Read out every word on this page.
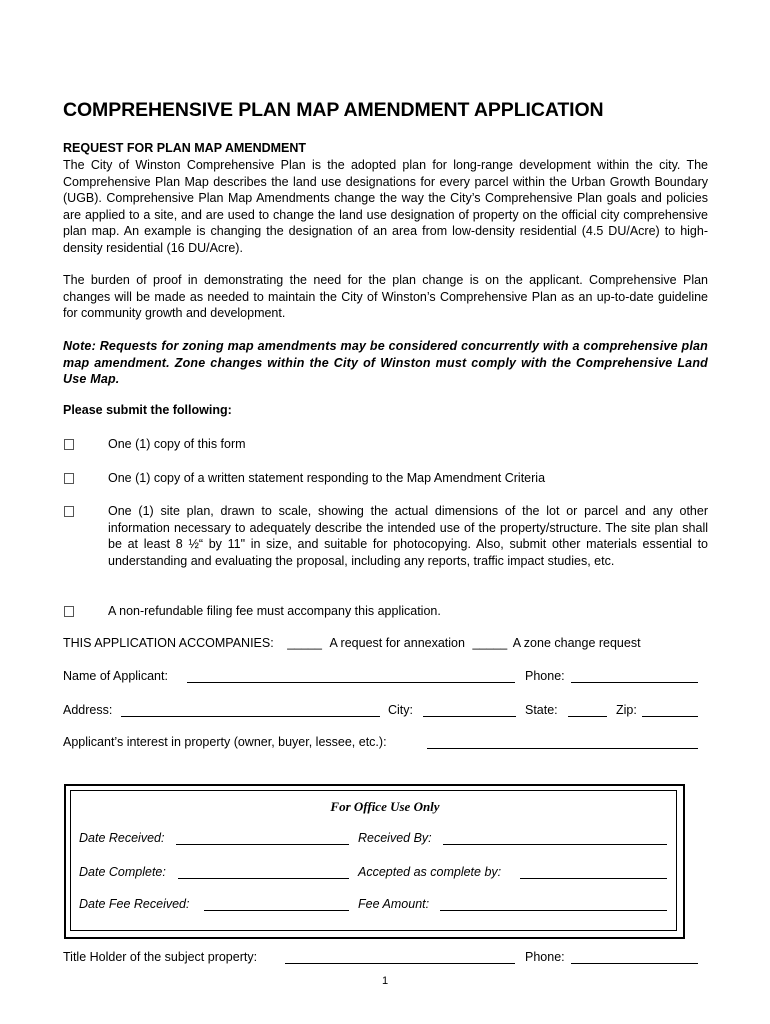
COMPREHENSIVE PLAN MAP AMENDMENT APPLICATION
REQUEST FOR PLAN MAP AMENDMENT
The City of Winston Comprehensive Plan is the adopted plan for long-range development within the city. The Comprehensive Plan Map describes the land use designations for every parcel within the Urban Growth Boundary (UGB). Comprehensive Plan Map Amendments change the way the City’s Comprehensive Plan goals and policies are applied to a site, and are used to change the land use designation of property on the official city comprehensive plan map. An example is changing the designation of an area from low-density residential (4.5 DU/Acre) to high-density residential (16 DU/Acre).
The burden of proof in demonstrating the need for the plan change is on the applicant. Comprehensive Plan changes will be made as needed to maintain the City of Winston’s Comprehensive Plan as an up-to-date guideline for community growth and development.
Note: Requests for zoning map amendments may be considered concurrently with a comprehensive plan map amendment. Zone changes within the City of Winston must comply with the Comprehensive Land Use Map.
Please submit the following:
One (1) copy of this form
One (1) copy of a written statement responding to the Map Amendment Criteria
One (1) site plan, drawn to scale, showing the actual dimensions of the lot or parcel and any other information necessary to adequately describe the intended use of the property/structure. The site plan shall be at least 8 ½“ by 11" in size, and suitable for photocopying. Also, submit other materials essential to understanding and evaluating the proposal, including any reports, traffic impact studies, etc.
A non-refundable filing fee must accompany this application.
THIS APPLICATION ACCOMPANIES: _____ A request for annexation _____ A zone change request
Name of Applicant:	Phone:
Address:	City:	State:	Zip:
Applicant’s interest in property (owner, buyer, lessee, etc.):
For Office Use Only
Date Received:	Received By:
Date Complete:	Accepted as complete by:
Date Fee Received:	Fee Amount:
Title Holder of the subject property:	Phone:
1
